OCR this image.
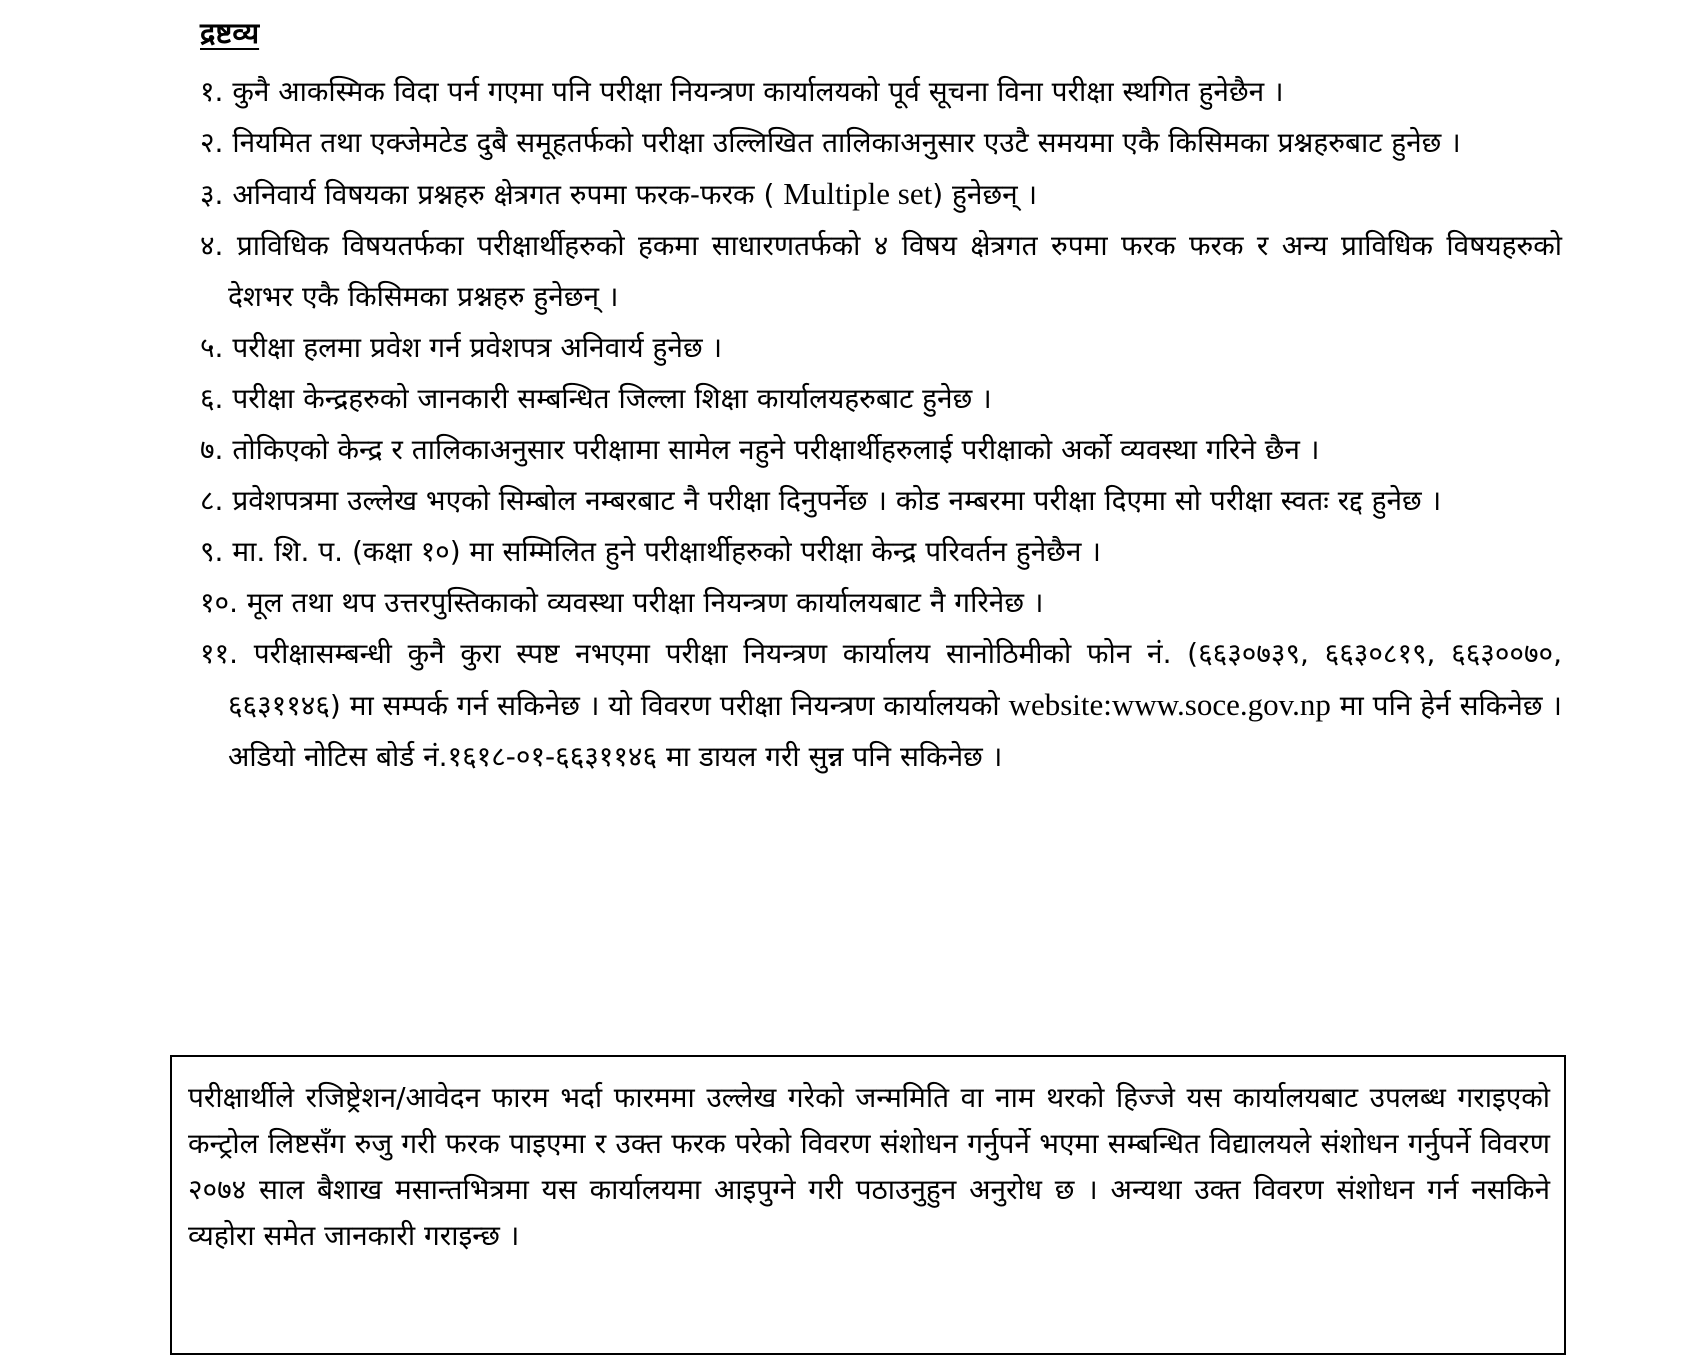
द्रष्टव्य

१. कुनै आकस्मिक विदा पर्न गएमा पनि परीक्षा नियन्त्रण कार्यालयको पूर्व सूचना विना परीक्षा स्थगित हुनेछैन ।

२. नियमित तथा एक्जेमटेड दुबै समूहतर्फको परीक्षा उल्लिखित तालिकाअनुसार एउटै समयमा एकै किसिमका प्रश्नहरुबाट हुनेछ ।

३. अनिवार्य विषयका प्रश्नहरु क्षेत्रगत रुपमा फरक-फरक ( Multiple set) हुनेछन् ।

४. प्राविधिक विषयतर्फका परीक्षार्थीहरुको हकमा साधारणतर्फको ४ विषय क्षेत्रगत रुपमा फरक फरक र अन्य प्राविधिक विषयहरुको देशभर एकै किसिमका प्रश्नहरु हुनेछन् ।

५. परीक्षा हलमा प्रवेश गर्न प्रवेशपत्र अनिवार्य हुनेछ ।

६. परीक्षा केन्द्रहरुको जानकारी सम्बन्धित जिल्ला शिक्षा कार्यालयहरुबाट हुनेछ ।

७. तोकिएको केन्द्र र तालिकाअनुसार परीक्षामा सामेल नहुने परीक्षार्थीहरुलाई परीक्षाको अर्को व्यवस्था गरिने छैन ।

८. प्रवेशपत्रमा उल्लेख भएको सिम्बोल नम्बरबाट नै परीक्षा दिनुपर्नेछ । कोड नम्बरमा परीक्षा दिएमा सो परीक्षा स्वतः रद्द हुनेछ ।

९. मा. शि. प. (कक्षा १०) मा सम्मिलित हुने परीक्षार्थीहरुको परीक्षा केन्द्र परिवर्तन हुनेछैन ।

१०. मूल तथा थप उत्तरपुस्तिकाको व्यवस्था परीक्षा नियन्त्रण कार्यालयबाट नै गरिनेछ ।

११. परीक्षासम्बन्धी कुनै कुरा स्पष्ट नभएमा परीक्षा नियन्त्रण कार्यालय सानोठिमीको फोन नं. (६६३०७३९, ६६३०८१९, ६६३००७०, ६६३११४६) मा सम्पर्क गर्न सकिनेछ । यो विवरण परीक्षा नियन्त्रण कार्यालयको website:www.soce.gov.np मा पनि हेर्न सकिनेछ । अडियो नोटिस बोर्ड नं.१६१८-०१-६६३११४६ मा डायल गरी सुन्न पनि सकिनेछ ।

परीक्षार्थीले रजिष्ट्रेशन/आवेदन फारम भर्दा फारममा उल्लेख गरेको जन्ममिति वा नाम थरको हिज्जे यस कार्यालयबाट उपलब्ध गराइएको कन्ट्रोल लिष्टसँग रुजु गरी फरक पाइएमा र उक्त फरक परेको विवरण संशोधन गर्नुपर्ने भएमा सम्बन्धित विद्यालयले संशोधन गर्नुपर्ने विवरण २०७४ साल बैशाख मसान्तभित्रमा यस कार्यालयमा आइपुग्ने गरी पठाउनुहुन अनुरोध छ । अन्यथा उक्त विवरण संशोधन गर्न नसकिने व्यहोरा समेत जानकारी गराइन्छ ।
